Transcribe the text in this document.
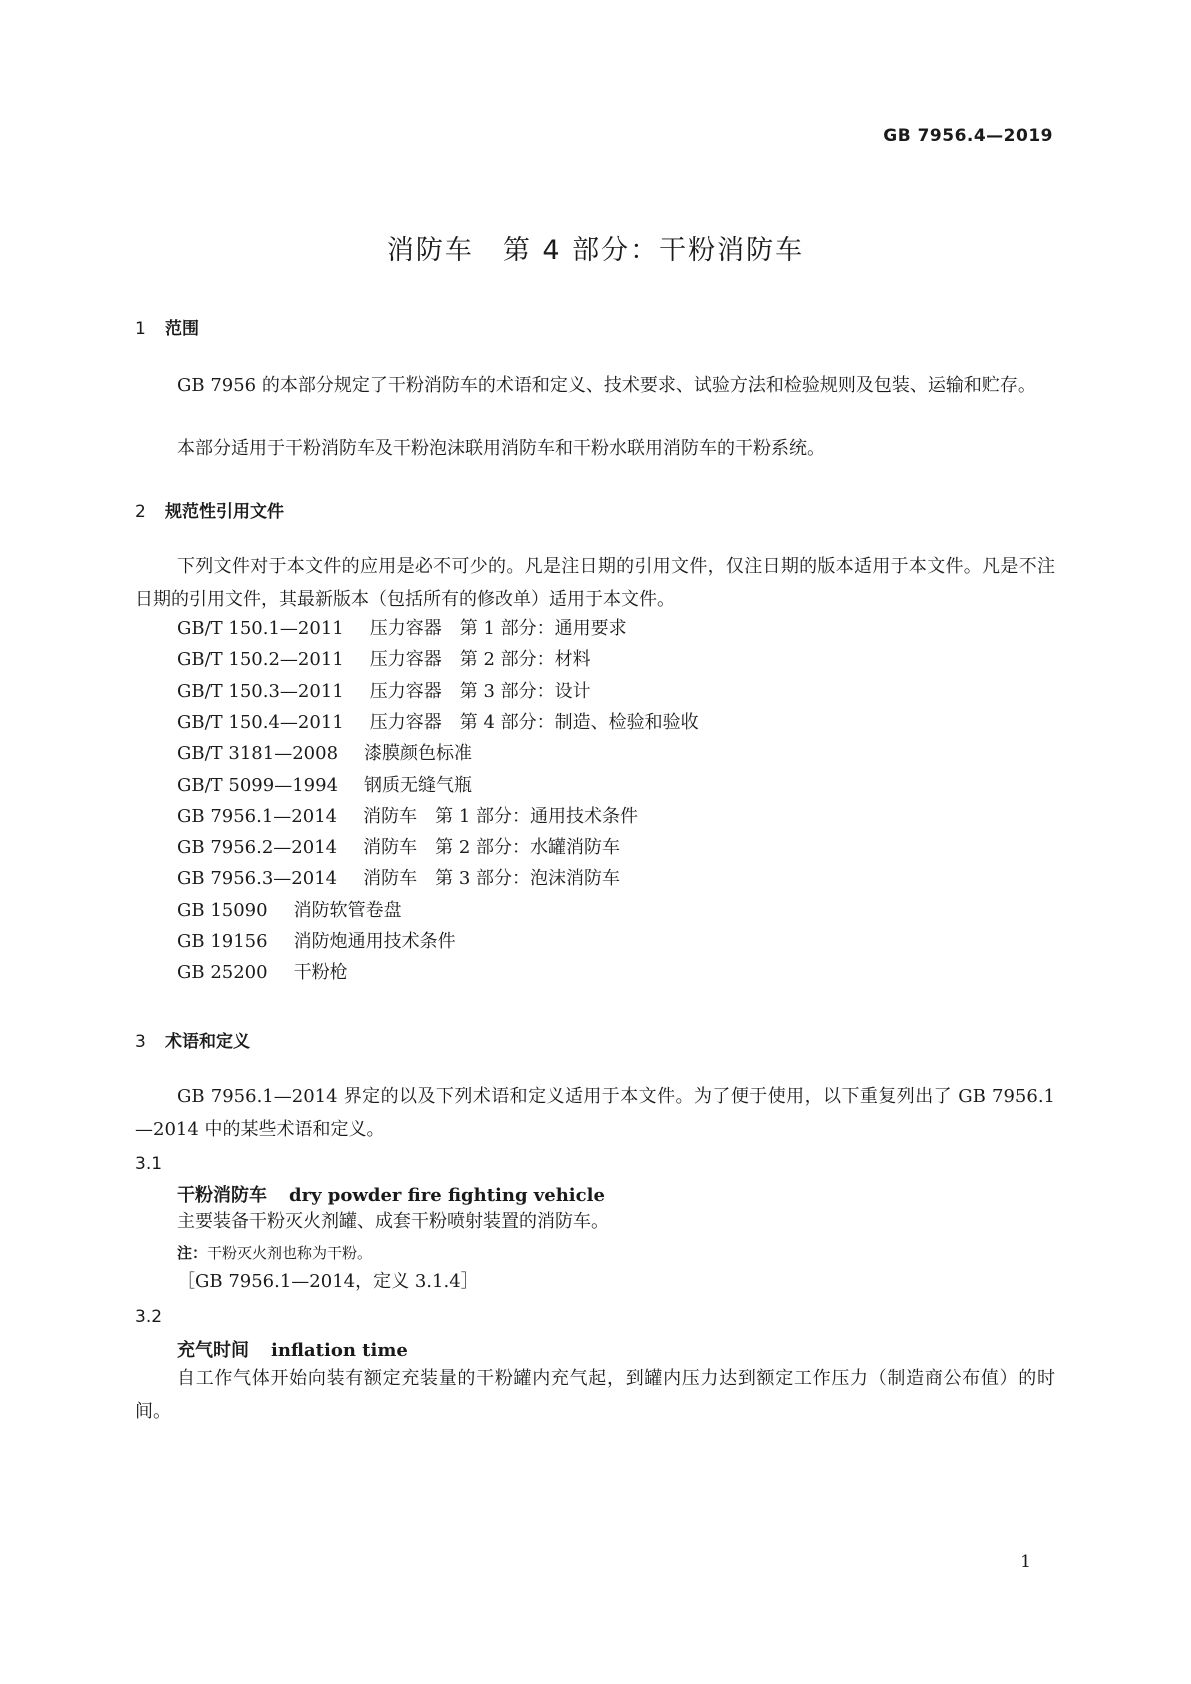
GB 7956.4—2019
消防车　第 4 部分：干粉消防车
1 范围
GB 7956 的本部分规定了干粉消防车的术语和定义、技术要求、试验方法和检验规则及包装、运输和贮存。
本部分适用于干粉消防车及干粉泡沫联用消防车和干粉水联用消防车的干粉系统。
2 规范性引用文件
下列文件对于本文件的应用是必不可少的。凡是注日期的引用文件，仅注日期的版本适用于本文件。凡是不注日期的引用文件，其最新版本（包括所有的修改单）适用于本文件。
GB/T 150.1—2011 压力容器　第 1 部分：通用要求
GB/T 150.2—2011 压力容器　第 2 部分：材料
GB/T 150.3—2011 压力容器　第 3 部分：设计
GB/T 150.4—2011 压力容器　第 4 部分：制造、检验和验收
GB/T 3181—2008 漆膜颜色标准
GB/T 5099—1994 钢质无缝气瓶
GB 7956.1—2014 消防车　第 1 部分：通用技术条件
GB 7956.2—2014 消防车　第 2 部分：水罐消防车
GB 7956.3—2014 消防车　第 3 部分：泡沫消防车
GB 15090 消防软管卷盘
GB 19156 消防炮通用技术条件
GB 25200 干粉枪
3 术语和定义
GB 7956.1—2014 界定的以及下列术语和定义适用于本文件。为了便于使用，以下重复列出了 GB 7956.1—2014 中的某些术语和定义。
3.1
干粉消防车 dry powder fire fighting vehicle
主要装备干粉灭火剂罐、成套干粉喷射装置的消防车。
注：干粉灭火剂也称为干粉。
［GB 7956.1—2014，定义 3.1.4］
3.2
充气时间 inflation time
自工作气体开始向装有额定充装量的干粉罐内充气起，到罐内压力达到额定工作压力（制造商公布值）的时间。
1
